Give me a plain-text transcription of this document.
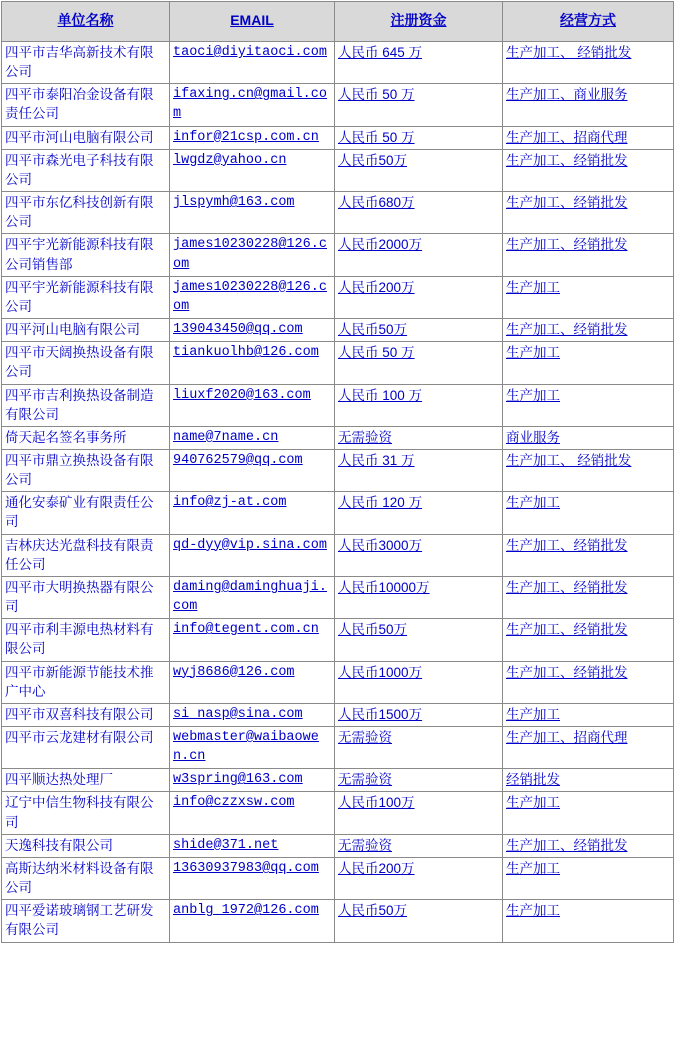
单位名称	EMAIL	注册资金	经营方式
四平市吉华高新技术有限公司	taoci@diyitaoci.com	人民币 645 万	生产加工、 经销批发
四平市泰阳冶金设备有限责任公司	ifaxing.cn@gmail.com	人民币 50 万	生产加工、商业服务
四平市河山电脑有限公司	infor@21csp.com.cn	人民币 50 万	生产加工、招商代理
四平市森光电子科技有限公司	lwgdz@yahoo.cn	人民币50万	生产加工、经销批发
四平市东亿科技创新有限公司	jlspymh@163.com	人民币680万	生产加工、经销批发
四平宇光新能源科技有限公司销售部	james10230228@126.com	人民币2000万	生产加工、经销批发
四平宇光新能源科技有限公司	james10230228@126.com	人民币200万	生产加工
四平河山电脑有限公司	139043450@qq.com	人民币50万	生产加工、经销批发
四平市天阔换热设备有限公司	tiankuolhb@126.com	人民币 50 万	生产加工
四平市吉利换热设备制造有限公司	liuxf2020@163.com	人民币 100 万	生产加工
倚天起名签名事务所	name@7name.cn	无需验资	商业服务
四平市鼎立换热设备有限公司	940762579@qq.com	人民币 31 万	生产加工、 经销批发
通化安泰矿业有限责任公司	info@zj-at.com	人民币 120 万	生产加工
吉林庆达光盘科技有限责任公司	qd-dyy@vip.sina.com	人民币3000万	生产加工、经销批发
四平市大明换热器有限公司	daming@daminghuaji.com	人民币10000万	生产加工、经销批发
四平市利丰源电热材料有限公司	info@tegent.com.cn	人民币50万	生产加工、经销批发
四平市新能源节能技术推广中心	wyj8686@126.com	人民币1000万	生产加工、经销批发
四平市双喜科技有限公司	si_nasp@sina.com	人民币1500万	生产加工
四平市云龙建材有限公司	webmaster@waibaowen.cn	无需验资	生产加工、招商代理
四平顺达热处理厂	w3spring@163.com	无需验资	经销批发
辽宁中信生物科技有限公司	info@czzxsw.com	人民币100万	生产加工
天逸科技有限公司	shide@371.net	无需验资	生产加工、经销批发
高斯达纳米材料设备有限公司	13630937983@qq.com	人民币200万	生产加工
四平爱诺玻璃钢工艺研发有限公司	anblg_1972@126.com	人民币50万	生产加工
